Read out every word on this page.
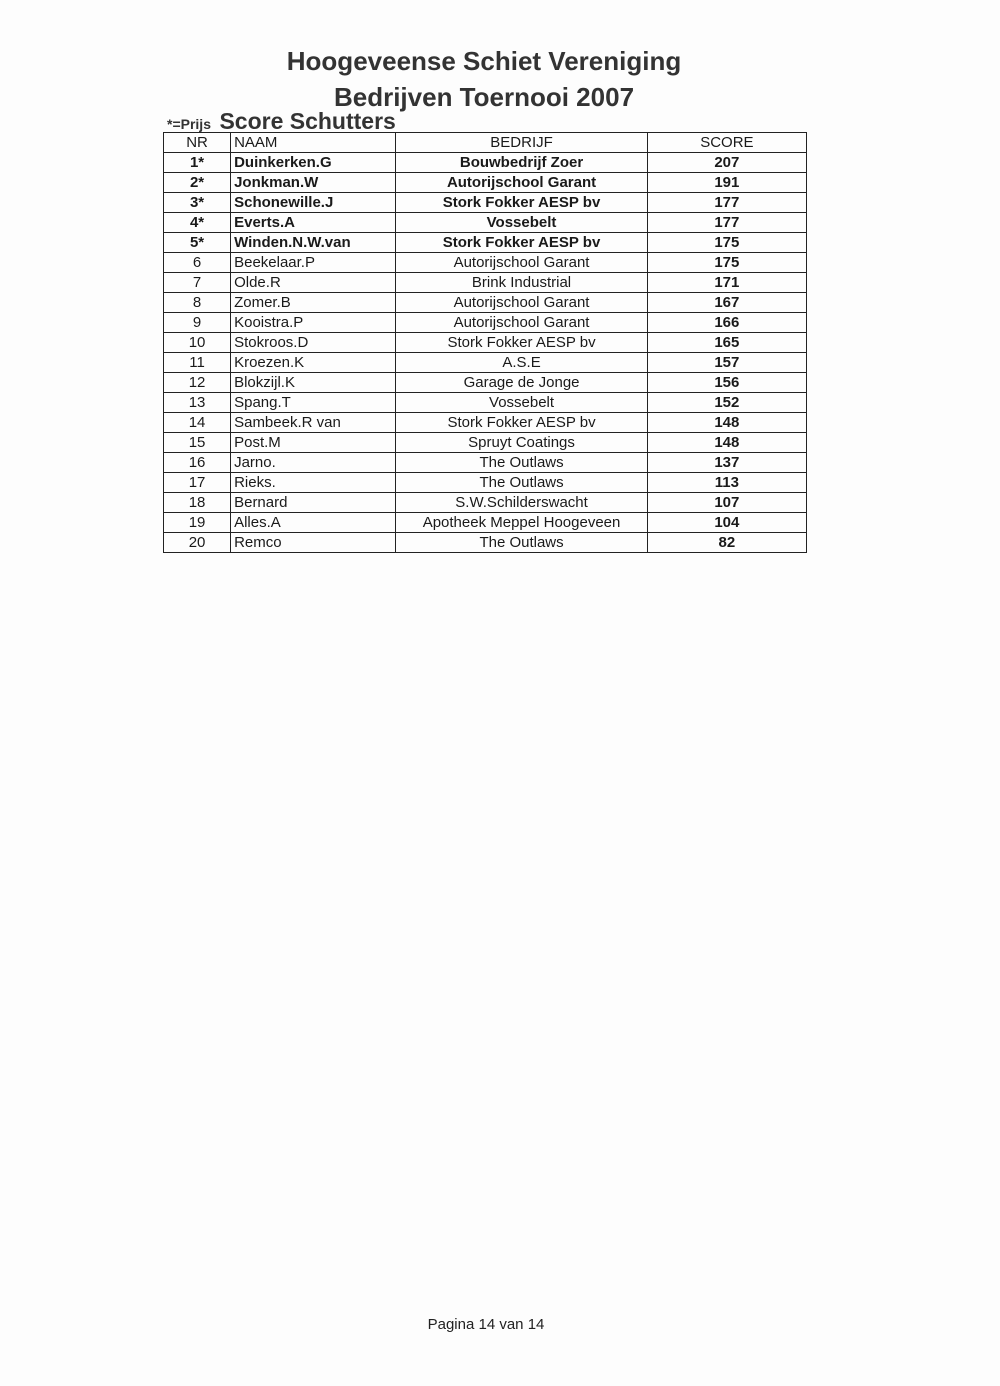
Hoogeveense Schiet Vereniging
Bedrijven Toernooi 2007
*=Prijs Score Schutters
NR	NAAM	BEDRIJF	SCORE
1*	Duinkerken.G	Bouwbedrijf Zoer	207
2*	Jonkman.W	Autorijschool Garant	191
3*	Schonewille.J	Stork Fokker AESP bv	177
4*	Everts.A	Vossebelt	177
5*	Winden.N.W.van	Stork Fokker AESP bv	175
6	Beekelaar.P	Autorijschool Garant	175
7	Olde.R	Brink Industrial	171
8	Zomer.B	Autorijschool Garant	167
9	Kooistra.P	Autorijschool Garant	166
10	Stokroos.D	Stork Fokker AESP bv	165
11	Kroezen.K	A.S.E	157
12	Blokzijl.K	Garage de Jonge	156
13	Spang.T	Vossebelt	152
14	Sambeek.R van	Stork Fokker AESP bv	148
15	Post.M	Spruyt Coatings	148
16	Jarno.	The Outlaws	137
17	Rieks.	The Outlaws	113
18	Bernard	S.W.Schilderswacht	107
19	Alles.A	Apotheek Meppel Hoogeveen	104
20	Remco	The Outlaws	82
Pagina 14 van 14
